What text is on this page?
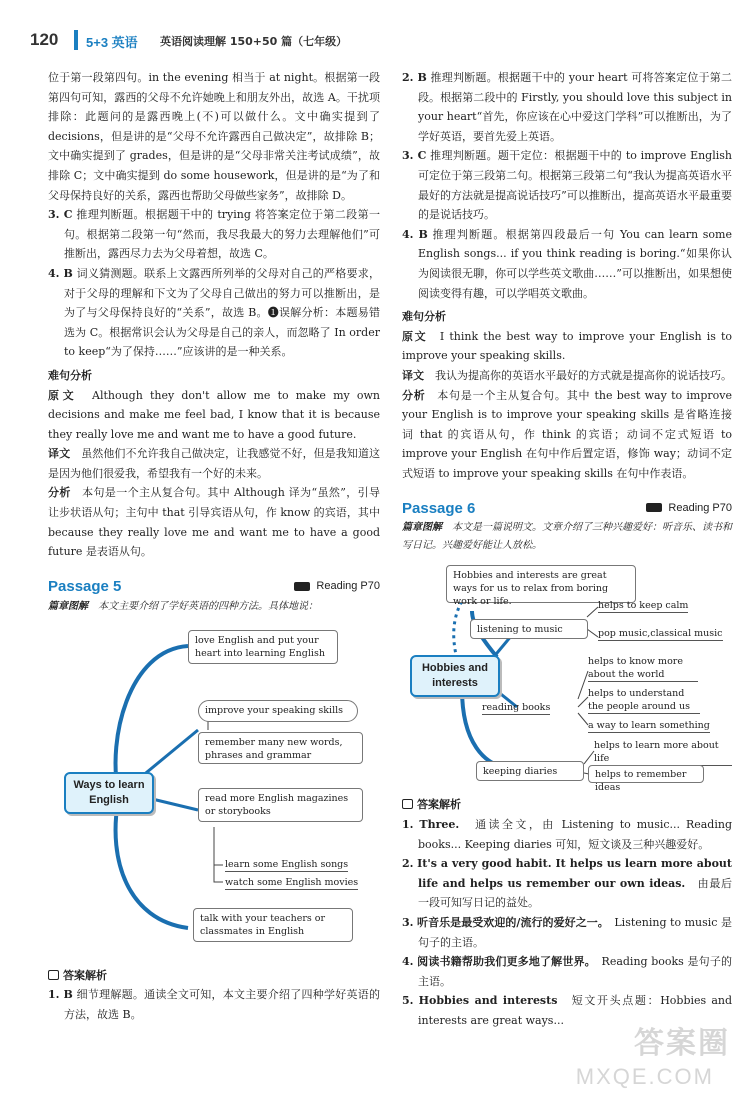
120 5+3 英语 英语阅读理解 150+50 篇（七年级）

位于第一段第四句。in the evening 相当于 at night。根据第一段第四句可知，露西的父母不允许她晚上和朋友外出，故选 A。干扰项排除：此题问的是露西晚上(不)可以做什么。文中确实提到了 decisions，但是讲的是“父母不允许露西自己做决定”，故排除 B；文中确实提到了 grades，但是讲的是“父母非常关注考试成绩”，故排除 C；文中确实提到 do some housework，但是讲的是“为了和父母保持良好的关系，露西也帮助父母做些家务”，故排除 D。

3. C 推理判断题。根据题干中的 trying 将答案定位于第二段第一句。根据第二段第一句“然而，我尽我最大的努力去理解他们”可推断出，露西尽力去为父母着想，故选 C。

4. B 词义猜测题。联系上文露西所列举的父母对自己的严格要求，对于父母的理解和下文为了父母自己做出的努力可以推断出，是为了与父母保持良好的“关系”，故选 B。❶误解分析：本题易错选为 C。根据常识会认为父母是自己的亲人，而忽略了 In order to keep“为了保持……”应该讲的是一种关系。

难句分析

原文　 Although they don't allow me to make my own decisions and make me feel bad, I know that it is because they really love me and want me to have a good future.

译文　 虽然他们不允许我自己做决定，让我感觉不好，但是我知道这是因为他们很爱我，希望我有一个好的未来。

分析　 本句是一个主从复合句。其中 Although 译为“虽然”，引导让步状语从句；主句中 that 引导宾语从句，作 know 的宾语，其中 because they really love me and want me to have a good future 是表语从句。

Passage 5	Reading P70
篇章图解　 本文主要介绍了学好英语的四种方法。具体地说：
love English and put your heart into learning English
improve your speaking skills
remember many new words, phrases and grammar
Ways to learn English	read more English magazines or storybooks
learn some English songs
watch some English movies
talk with your teachers or classmates in English
答案解析

1. B 细节理解题。通读全文可知，本文主要介绍了四种学好英语的方法，故选 B。

2. B 推理判断题。根据题干中的 your heart 可将答案定位于第二段。根据第二段中的 Firstly, you should love this subject in your heart“首先，你应该在心中爱这门学科”可以推断出，为了学好英语，要首先爱上英语。

3. C 推理判断题。题干定位：根据题干中的 to improve English 可定位于第三段第二句。根据第三段第二句“我认为提高英语水平最好的方法就是提高说话技巧”可以推断出，提高英语水平最重要的是说话技巧。

4. B 推理判断题。根据第四段最后一句 You can learn some English songs... if you think reading is boring.“如果你认为阅读很无聊，你可以学些英文歌曲……”可以推断出，如果想使阅读变得有趣，可以学唱英文歌曲。

难句分析

原文　 I think the best way to improve your English is to improve your speaking skills.

译文　 我认为提高你的英语水平最好的方式就是提高你的说话技巧。

分析　 本句是一个主从复合句。其中 the best way to improve your English is to improve your speaking skills 是省略连接词 that 的宾语从句，作 think 的宾语；动词不定式短语 to improve your English 在句中作后置定语，修饰 way；动词不定式短语 to improve your speaking skills 在句中作表语。

Passage 6	Reading P70
篇章图解　 本文是一篇说明文。文章介绍了三种兴趣爱好：听音乐、读书和写日记。兴趣爱好能让人放松。
Hobbies and interests are great ways for us to relax from boring work or life.
Hobbies and interests
listening to music
helps to keep calm
pop music,classical music
reading books
helps to know more about the world
helps to understand the people around us
a way to learn something
keeping diaries
helps to learn more about life
helps to remember ideas
答案解析

1. Three.　 通读全文，由 Listening to music... Reading books... Keeping diaries 可知，短文谈及三种兴趣爱好。

2. It's a very good habit. It helps us learn more about life and helps us remember our own ideas.　 由最后一段可知写日记的益处。

3. 听音乐是最受欢迎的/流行的爱好之一。　 Listening to music 是句子的主语。

4. 阅读书籍帮助我们更多地了解世界。　 Reading books 是句子的主语。

5. Hobbies and interests　 短文开头点题：Hobbies and interests are great ways...

答案圈
MXQE.COM
